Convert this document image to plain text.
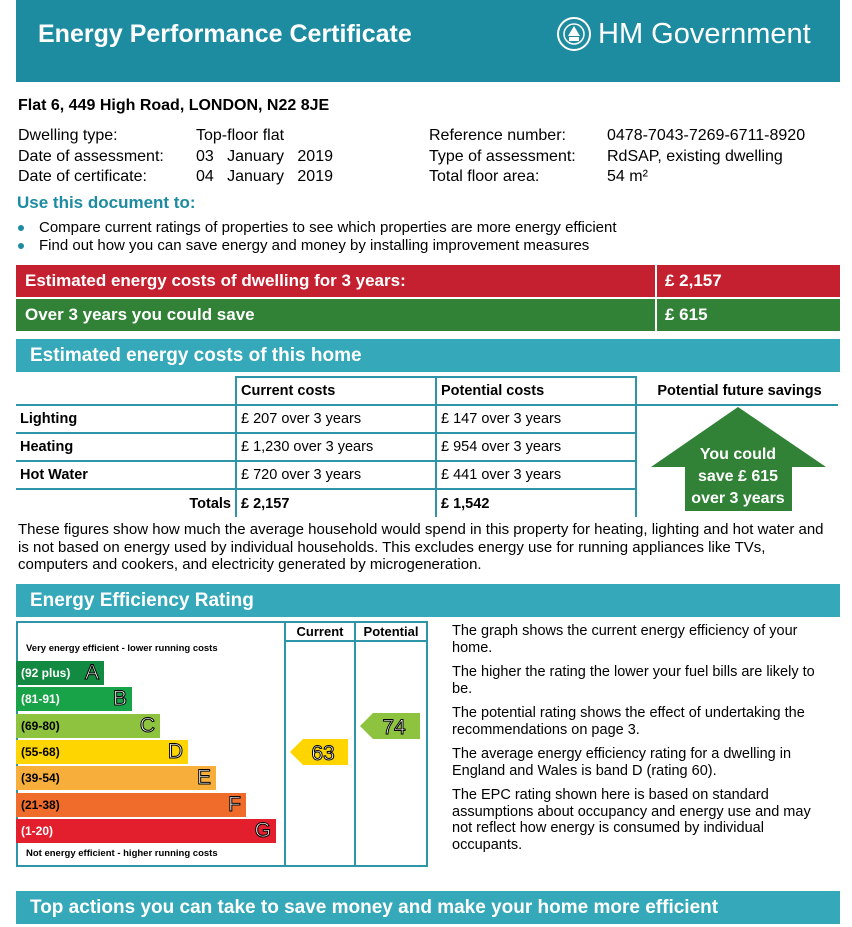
Energy Performance Certificate	HM Government
Flat 6, 449 High Road, LONDON, N22 8JE
Dwelling type:	Top-floor flat
Date of assessment: 03   January   2019
Date of certificate:	04   January   2019
Reference number:	0478-7043-7269-6711-8920
Type of assessment: RdSAP, existing dwelling
Total floor area:	54 m²
Use this document to:
Compare current ratings of properties to see which properties are more energy efficient
Find out how you can save energy and money by installing improvement measures
Estimated energy costs of dwelling for 3 years:	£ 2,157
Over 3 years you could save	£ 615
Estimated energy costs of this home
	Current costs	Potential costs	Potential future savings
Lighting	£ 207 over 3 years	£ 147 over 3 years	
Heating	£ 1,230 over 3 years	£ 954 over 3 years	
Hot Water	£ 720 over 3 years	£ 441 over 3 years	
Totals	£ 2,157	£ 1,542	
You could
save £ 615
over 3 years
These figures show how much the average household would spend in this property for heating, lighting and hot water and is not based on energy used by individual households. This excludes energy use for running appliances like TVs, computers and cookers, and electricity generated by microgeneration.
Energy Efficiency Rating
Current	Potential
Very energy efficient - lower running costs
Not energy efficient - higher running costs
(92 plus) A
(81-91)	B
(69-80)	C
(55-68)	D
(39-54)	E
(21-38)	F
(1-20)	G
63
74
The graph shows the current energy efficiency of your home.
The higher the rating the lower your fuel bills are likely to be.
The potential rating shows the effect of undertaking the recommendations on page 3.
The average energy efficiency rating for a dwelling in England and Wales is band D (rating 60).
The EPC rating shown here is based on standard assumptions about occupancy and energy use and may not reflect how energy is consumed by individual occupants.
Top actions you can take to save money and make your home more efficient
